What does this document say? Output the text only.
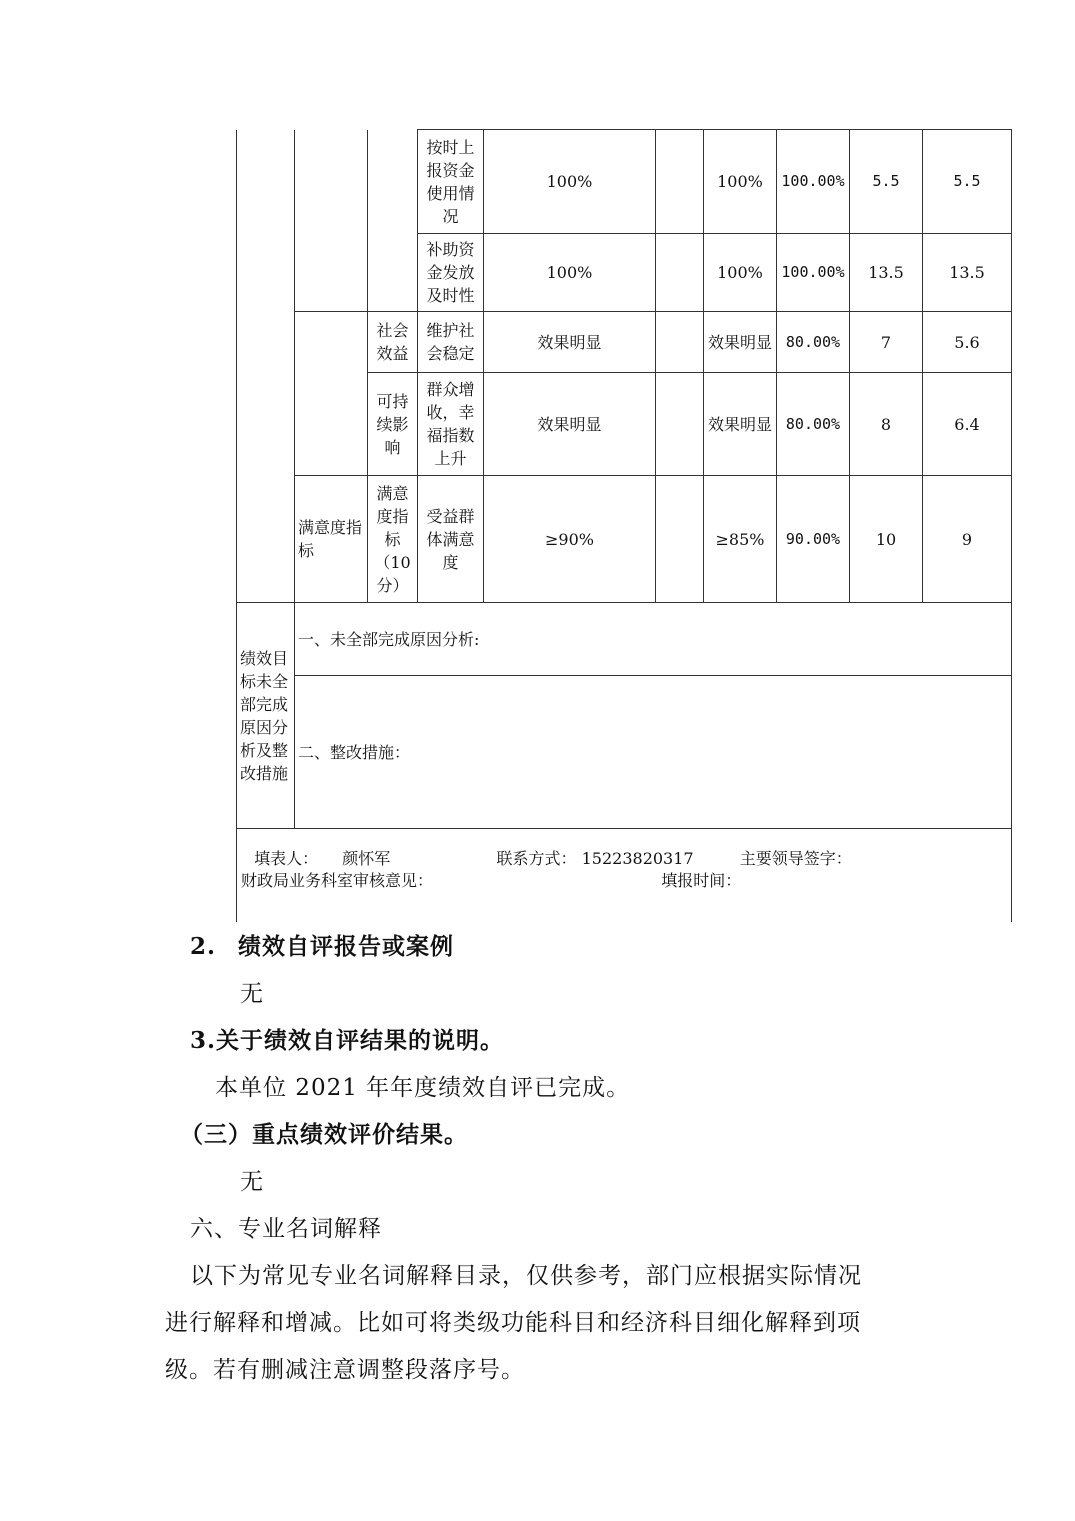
			按时上报资金使用情况	100%		100%	100.00%	5.5	5.5
			补助资金发放及时性	100%		100%	100.00%	13.5	13.5
		社会效益	维护社会稳定	效果明显		效果明显	80.00%	7	5.6
		可持续影响	群众增收，幸福指数上升	效果明显		效果明显	80.00%	8	6.4
	满意度指标	满意度指标（10分）	受益群体满意度	≥90%		≥85%	90.00%	10	9
绩效目标未全部完成原因分析及整改措施	一、未全部完成原因分析:								
	二、整改措施：								

填表人： 颜怀军 联系方式： 15223820317 主要领导签字：
财政局业务科室审核意见： 填报时间：									
2. 绩效自评报告或案例
无
3.关于绩效自评结果的说明。
本单位 2021 年年度绩效自评已完成。
（三）重点绩效评价结果。
无
六、专业名词解释
以下为常见专业名词解释目录，仅供参考，部门应根据实际情况
进行解释和增减。比如可将类级功能科目和经济科目细化解释到项
级。若有删减注意调整段落序号。
